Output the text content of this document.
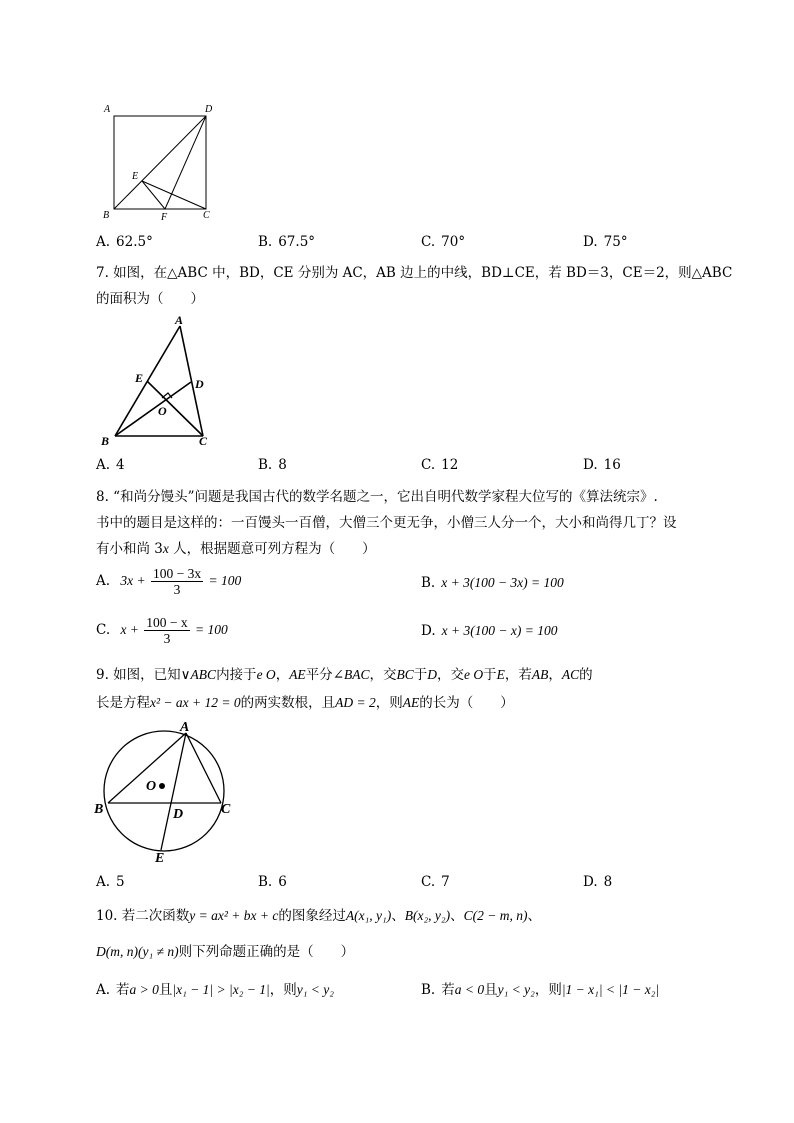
A	D
E
B	F	C
A. 62.5°	B. 67.5°	C. 70°	D. 75°
7. 如图，在△ABC 中，BD，CE 分别为 AC，AB 边上的中线，BD⊥CE，若 BD＝3，CE＝2，则△ABC
的面积为（　　）
A
E	D
O
B	C
A. 4	B. 8	C. 12	D. 16
8. “和尚分馒头”问题是我国古代的数学名题之一，它出自明代数学家程大位写的《算法统宗》.
书中的题目是这样的：一百馒头一百僧，大僧三个更无争，小僧三人分一个，大小和尚得几丁？设
有小和尚 3x 人，根据题意可列方程为（　　）
A. $3x + \frac{100 - 3x}{3} = 100$	B. x + 3(100 − 3x) = 100
C. $x + \frac{100 - x}{3} = 100$	D. x + 3(100 − x) = 100
9. 如图，已知∨ABC内接于e O，AE平分∠BAC，交BC于D，交e O于E，若AB，AC的
长是方程x² − ax + 12 = 0的两实数根，且AD = 2，则AE的长为（　　）
A
O
B	C
D
E
A. 5	B. 6	C. 7	D. 8
10. 若二次函数y = ax² + bx + c的图象经过A(x₁, y₁)、B(x₂, y₂)、C(2 − m, n)、
D(m, n)(y₁ ≠ n)则下列命题正确的是（　　）
A. 若a > 0且|x₁ − 1| > |x₂ − 1|，则y₁ < y₂	B. 若a < 0且y₁ < y₂，则|1 − x₁| < |1 − x₂|
